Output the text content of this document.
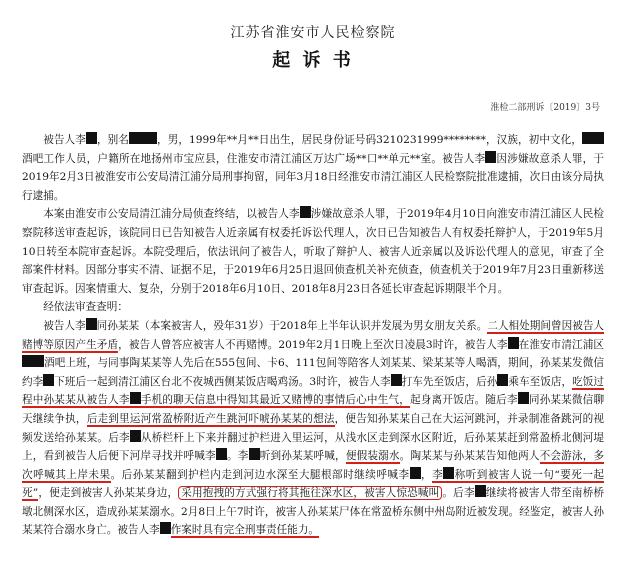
江苏省淮安市人民检察院
起 诉 书
淮检二部刑诉〔2019〕3号

被告人李 ，别名	，男，1999年**月**日出生，居民身份证号码3210231999********，汉族，初中文化，酒吧工作人员，户籍所在地扬州市宝应县，住淮安市清江浦区万达广场**口**单元**室。被告人李 因涉嫌故意杀人罪，于2019年2月3日被淮安市公安局清江浦分局刑事拘留，同年3月18日经淮安市清江浦区人民检察院批准逮捕，次日由该分局执行逮捕。

本案由淮安市公安局清江浦分局侦查终结，以被告人李 涉嫌故意杀人罪，于2019年4月10日向淮安市清江浦区人民检察院移送审查起诉，该院同日已告知被告人近亲属有权委托诉讼代理人，次日已告知被告人有权委托辩护人，于2019年5月10日转至本院审查起诉。本院受理后，依法讯问了被告人，听取了辩护人、被害人近亲属以及诉讼代理人的意见，审查了全部案件材料。因部分事实不清、证据不足，于2019年6月25日退回侦查机关补充侦查，侦查机关于2019年7月23日重新移送审查起诉。因案情重大、复杂，分别于2018年6月10日、2018年8月23日各延长审查起诉期限半个月。

经依法审查查明：

被告人李 同孙某某（本案被害人，殁年31岁）于2018年上半年认识并发展为男女朋友关系。二人相处期间曾因被告人赌博等原因产生矛盾，被告人曾答应被害人不再赌博。2019年2月1日晚上至次日凌晨3时许，被告人李 在淮安市清江浦区酒吧上班，与同事陶某某等人先后在555包间、卡6、111包间等陪客人刘某某、梁某某等人喝酒，期间，孙某某发微信约李 下班后一起到清江浦区台北不夜城西侧某饭店喝鸡汤。3时许，被告人李 打车先至饭店，后孙 乘车至饭店，吃饭过程中孙某某从被告人李 手机的聊天信息中得知其最近又赌博的事情后心中生气，起身离开饭店。随后李 同孙某某微信聊天继续争执，后走到里运河常盈桥附近产生跳河吓唬孙某某的想法，便告知孙某某自己在大运河跳河，并录制准备跳河的视频发送给孙某某。后李 从桥栏杆上下来并翻过护栏进入里运河，从浅水区走到深水区附近，后孙某某赶到常盈桥北侧河堤上，看到被告人后便下河岸寻找并呼喊李 。李 听到孙某某呼喊，便假装溺水。陶某某与孙某某告知他两人不会游泳，多次呼喊其上岸未果。后孙某某翻到护栏内走到河边水深至大腿根部时继续呼喊李 ，李 称听到被害人说一句“要死一起死”，便走到被害人孙某某身边， 采用抱拽的方式强行将其拖往深水区，被害人惊恐喊叫 。后李 继续将被害人带至南桥桥墩北侧深水区，造成孙某某溺水。2月8日上午7时许，被害人孙某某尸体在常盈桥东侧中州岛附近被发现。经鉴定，被害人孙某某符合溺水身亡。被告人李 作案时具有完全刑事责任能力。
